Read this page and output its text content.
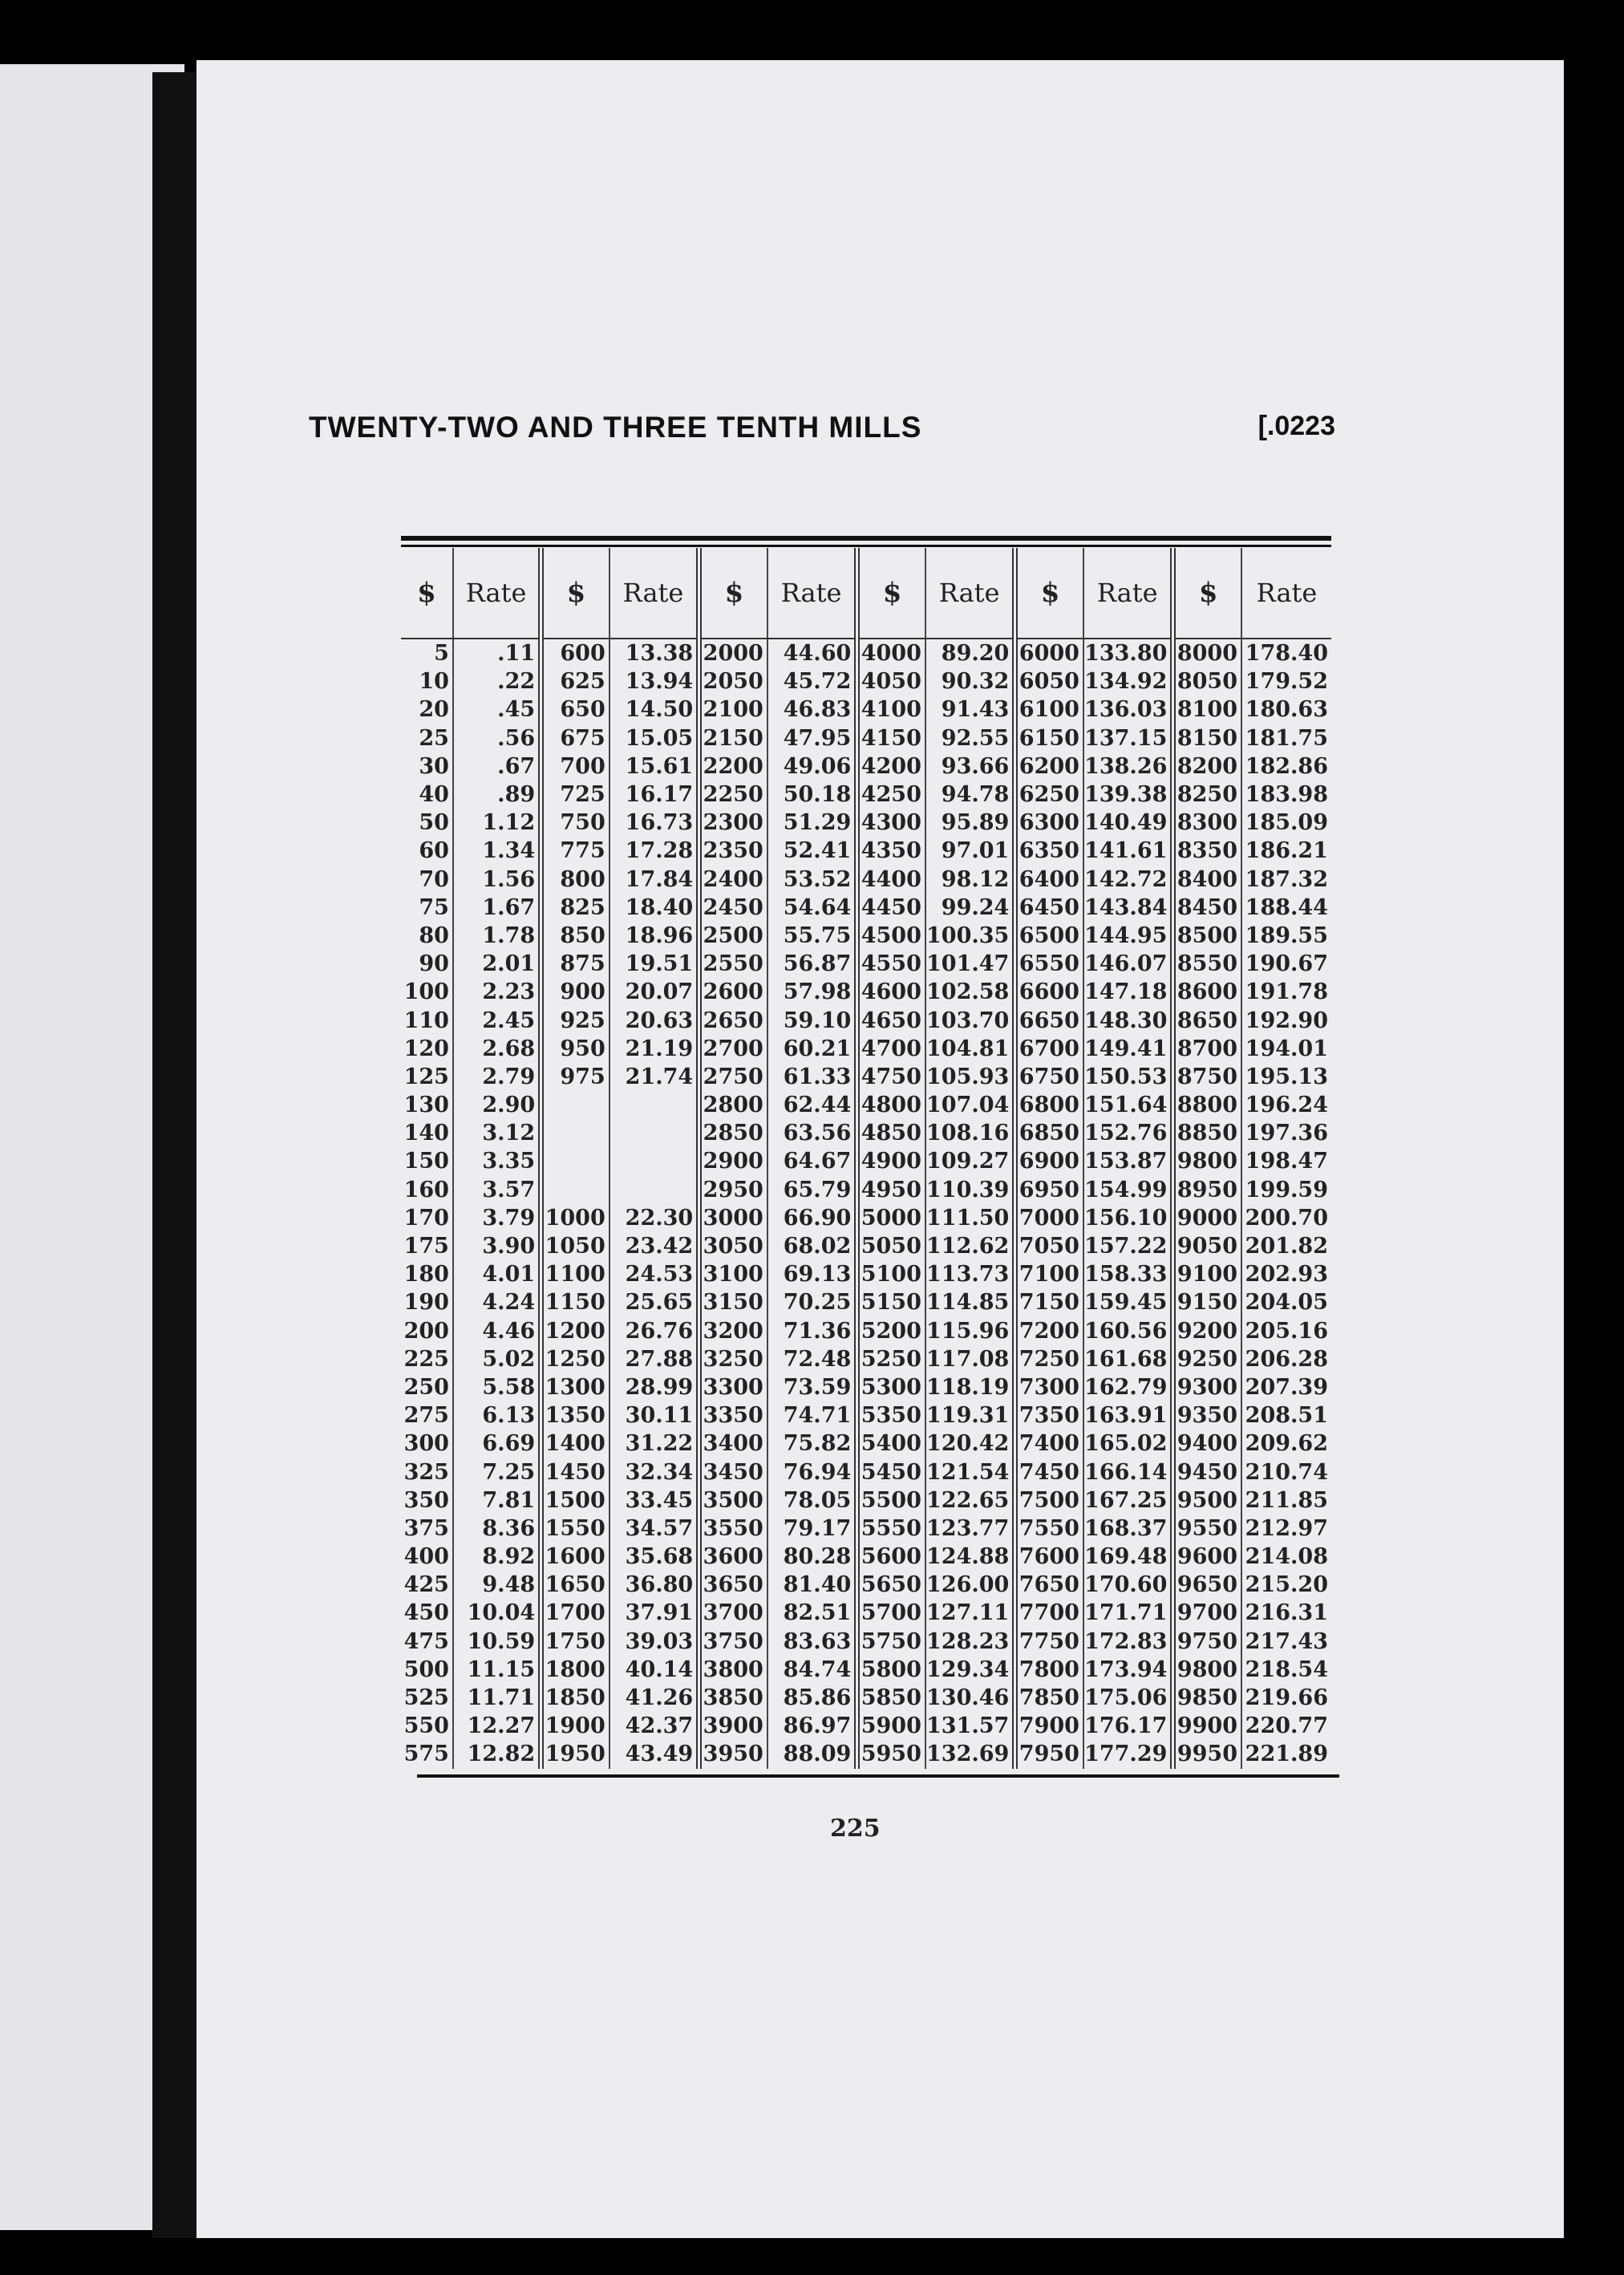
TWENTY-TWO AND THREE TENTH MILLS	[.0223
$	Rate	$	Rate	$	Rate	$	Rate	$	Rate	$	Rate
5	.11	600	13.38	2000	44.60	4000	89.20	6000	133.80	8000	178.40
10	.22	625	13.94	2050	45.72	4050	90.32	6050	134.92	8050	179.52
20	.45	650	14.50	2100	46.83	4100	91.43	6100	136.03	8100	180.63
25	.56	675	15.05	2150	47.95	4150	92.55	6150	137.15	8150	181.75
30	.67	700	15.61	2200	49.06	4200	93.66	6200	138.26	8200	182.86
40	.89	725	16.17	2250	50.18	4250	94.78	6250	139.38	8250	183.98
50	1.12	750	16.73	2300	51.29	4300	95.89	6300	140.49	8300	185.09
60	1.34	775	17.28	2350	52.41	4350	97.01	6350	141.61	8350	186.21
70	1.56	800	17.84	2400	53.52	4400	98.12	6400	142.72	8400	187.32
75	1.67	825	18.40	2450	54.64	4450	99.24	6450	143.84	8450	188.44
80	1.78	850	18.96	2500	55.75	4500	100.35	6500	144.95	8500	189.55
90	2.01	875	19.51	2550	56.87	4550	101.47	6550	146.07	8550	190.67
100	2.23	900	20.07	2600	57.98	4600	102.58	6600	147.18	8600	191.78
110	2.45	925	20.63	2650	59.10	4650	103.70	6650	148.30	8650	192.90
120	2.68	950	21.19	2700	60.21	4700	104.81	6700	149.41	8700	194.01
125	2.79	975	21.74	2750	61.33	4750	105.93	6750	150.53	8750	195.13
130	2.90			2800	62.44	4800	107.04	6800	151.64	8800	196.24
140	3.12			2850	63.56	4850	108.16	6850	152.76	8850	197.36
150	3.35			2900	64.67	4900	109.27	6900	153.87	9800	198.47
160	3.57			2950	65.79	4950	110.39	6950	154.99	8950	199.59
170	3.79	1000	22.30	3000	66.90	5000	111.50	7000	156.10	9000	200.70
175	3.90	1050	23.42	3050	68.02	5050	112.62	7050	157.22	9050	201.82
180	4.01	1100	24.53	3100	69.13	5100	113.73	7100	158.33	9100	202.93
190	4.24	1150	25.65	3150	70.25	5150	114.85	7150	159.45	9150	204.05
200	4.46	1200	26.76	3200	71.36	5200	115.96	7200	160.56	9200	205.16
225	5.02	1250	27.88	3250	72.48	5250	117.08	7250	161.68	9250	206.28
250	5.58	1300	28.99	3300	73.59	5300	118.19	7300	162.79	9300	207.39
275	6.13	1350	30.11	3350	74.71	5350	119.31	7350	163.91	9350	208.51
300	6.69	1400	31.22	3400	75.82	5400	120.42	7400	165.02	9400	209.62
325	7.25	1450	32.34	3450	76.94	5450	121.54	7450	166.14	9450	210.74
350	7.81	1500	33.45	3500	78.05	5500	122.65	7500	167.25	9500	211.85
375	8.36	1550	34.57	3550	79.17	5550	123.77	7550	168.37	9550	212.97
400	8.92	1600	35.68	3600	80.28	5600	124.88	7600	169.48	9600	214.08
425	9.48	1650	36.80	3650	81.40	5650	126.00	7650	170.60	9650	215.20
450	10.04	1700	37.91	3700	82.51	5700	127.11	7700	171.71	9700	216.31
475	10.59	1750	39.03	3750	83.63	5750	128.23	7750	172.83	9750	217.43
500	11.15	1800	40.14	3800	84.74	5800	129.34	7800	173.94	9800	218.54
525	11.71	1850	41.26	3850	85.86	5850	130.46	7850	175.06	9850	219.66
550	12.27	1900	42.37	3900	86.97	5900	131.57	7900	176.17	9900	220.77
575	12.82	1950	43.49	3950	88.09	5950	132.69	7950	177.29	9950	221.89
225
